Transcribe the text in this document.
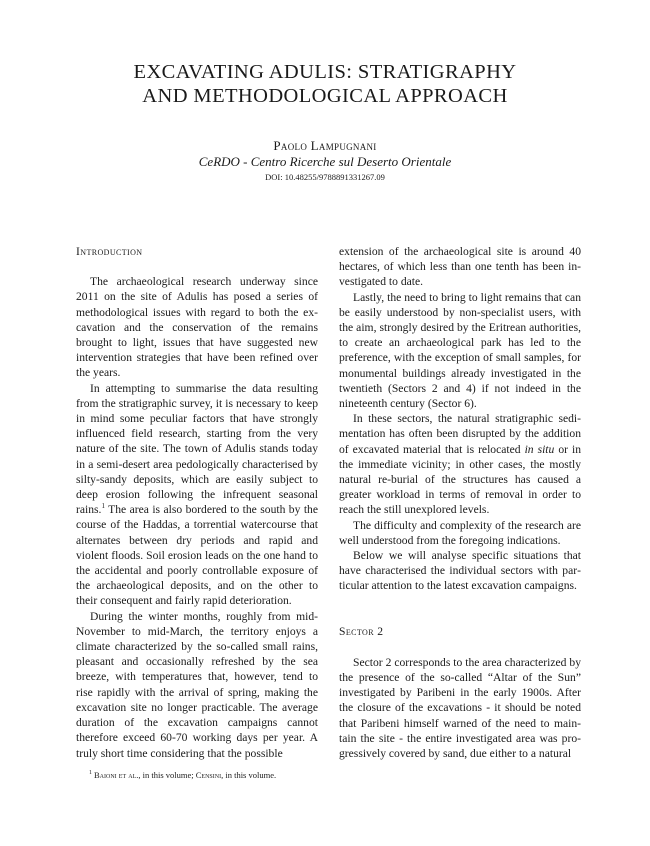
EXCAVATING ADULIS: STRATIGRAPHY
AND METHODOLOGICAL APPROACH
Paolo Lampugnani
CeRDO - Centro Ricerche sul Deserto Orientale
DOI: 10.48255/9788891331267.09
Introduction

The archaeological research underway since 2011 on the site of Adulis has posed a series of methodological issues with regard to both the excavation and the conservation of the remains brought to light, issues that have suggested new intervention strategies that have been refined over the years.

In attempting to summarise the data resulting from the stratigraphic survey, it is necessary to keep in mind some peculiar factors that have strongly influenced field research, starting from the very nature of the site. The town of Adulis stands today in a semi-desert area pedologically characterised by silty-sandy deposits, which are easily subject to deep erosion following the infrequent seasonal rains.$^1$ The area is also bordered to the south by the course of the Haddas, a torrential watercourse that alternates between dry periods and rapid and violent floods. Soil erosion leads on the one hand to the accidental and poorly controllable exposure of the archaeological deposits, and on the other to their consequent and fairly rapid deterioration.

During the winter months, roughly from mid-November to mid-March, the territory enjoys a climate characterized by the so-called small rains, pleasant and occasionally refreshed by the sea breeze, with temperatures that, however, tend to rise rapidly with the arrival of spring, making the excavation site no longer practicable. The average duration of the excavation campaigns cannot therefore exceed 60-70 working days per year. A truly short time considering that the possible

extension of the archaeological site is around 40 hectares, of which less than one tenth has been investigated to date.

Lastly, the need to bring to light remains that can be easily understood by non-specialist users, with the aim, strongly desired by the Eritrean authorities, to create an archaeological park has led to the preference, with the exception of small samples, for monumental buildings already investigated in the twentieth (Sectors 2 and 4) if not indeed in the nineteenth century (Sector 6).

In these sectors, the natural stratigraphic sedimentation has often been disrupted by the addition of excavated material that is relocated in situ or in the immediate vicinity; in other cases, the mostly natural re-burial of the structures has caused a greater workload in terms of removal in order to reach the still unexplored levels.

The difficulty and complexity of the research are well understood from the foregoing indications.

Below we will analyse specific situations that have characterised the individual sectors with particular attention to the latest excavation campaigns.

Sector 2

Sector 2 corresponds to the area characterized by the presence of the so-called “Altar of the Sun” investigated by Paribeni in the early 1900s. After the closure of the excavations - it should be noted that Paribeni himself warned of the need to maintain the site - the entire investigated area was progressively covered by sand, due either to a natural

$^1$ Baioni et al., in this volume; Censini, in this volume.
